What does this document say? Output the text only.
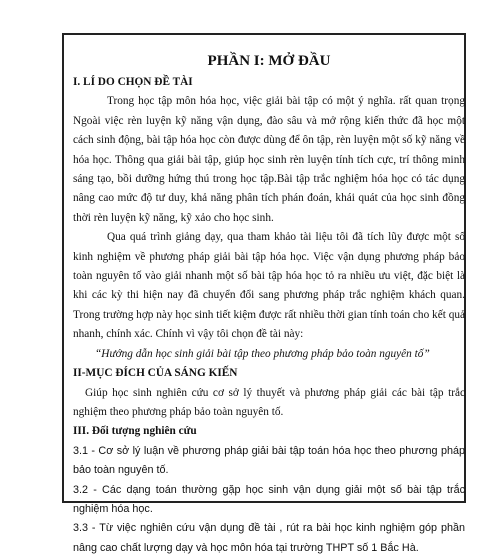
PHẦN I: MỞ ĐẦU
I. LÍ DO CHỌN ĐỀ TÀI

Trong học tập môn hóa học, việc giải bài tập có một ý nghĩa. rất quan trọng Ngoài việc rèn luyện kỹ năng vận dụng, đào sâu và mở rộng kiến thức đã học một cách sinh động, bài tập hóa học còn được dùng để ôn tập, rèn luyện một số kỹ năng về hóa học. Thông qua giải bài tập, giúp học sinh rèn luyện tính tích cực, trí thông minh sáng tạo, bồi dưỡng hứng thú trong học tập.Bài tập trắc nghiệm hóa học có tác dụng nâng cao mức độ tư duy, khả năng phân tích phán đoán, khái quát của học sinh đồng thời rèn luyện kỹ năng, kỹ xảo cho học sinh.

Qua quá trình giảng dạy, qua tham khảo tài liệu tôi đã tích lũy được một số kinh nghiệm về phương pháp giải bài tập hóa học. Việc vận dụng phương pháp bảo toàn nguyên tố vào giải nhanh một số bài tập hóa học tỏ ra nhiều ưu việt, đặc biệt là khi các kỳ thi hiện nay đã chuyển đổi sang phương pháp trắc nghiệm khách quan. Trong trường hợp này học sinh tiết kiệm được rất nhiều thời gian tính toán cho kết quả nhanh, chính xác. Chính vì vậy tôi chọn đề tài này:

“Hướng dẫn học sinh giải bài tập theo phương pháp bảo toàn nguyên tố”

II-MỤC ĐÍCH CỦA SÁNG KIẾN

Giúp học sinh nghiên cứu cơ sở lý thuyết và phương pháp giải các bài tập trắc nghiệm theo phương pháp bảo toàn nguyên tố.

III. Đối tượng nghiên cứu

3.1 - Cơ sở lý luận về phương pháp giải bài tập toán hóa học theo phương pháp bảo toàn nguyên tố.

3.2 - Các dạng toán thường gặp học sinh vận dụng giải một số bài tập trắc nghiệm hóa học.

3.3 - Từ việc nghiên cứu vận dụng đề tài , rút ra bài học kinh nghiệm góp phần nâng cao chất lượng dạy và học môn hóa tại trường THPT số 1 Bắc Hà.
